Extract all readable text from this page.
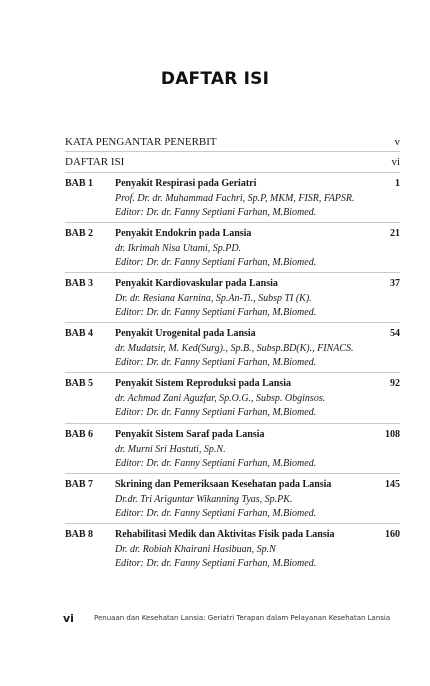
DAFTAR ISI
KATA PENGANTAR PENERBIT	v
DAFTAR ISI	vi
BAB 1 Penyakit Respirasi pada Geriatri	1
Prof. Dr. dr. Muhammad Fachri, Sp.P, MKM, FISR, FAPSR.
Editor: Dr. dr. Fanny Septiani Farhan, M.Biomed.
BAB 2 Penyakit Endokrin pada Lansia	21
dr. Ikrimah Nisa Utami, Sp.PD.
Editor: Dr. dr. Fanny Septiani Farhan, M.Biomed.
BAB 3 Penyakit Kardiovaskular pada Lansia	37
Dr. dr. Resiana Karnina, Sp.An-Ti., Subsp TI (K).
Editor: Dr. dr. Fanny Septiani Farhan, M.Biomed.
BAB 4 Penyakit Urogenital pada Lansia	54
dr. Mudatsir, M. Ked(Surg)., Sp.B., Subsp.BD(K)., FINACS.
Editor: Dr. dr. Fanny Septiani Farhan, M.Biomed.
BAB 5 Penyakit Sistem Reproduksi pada Lansia	92
dr. Achmad Zani Aguzfar, Sp.O.G., Subsp. Obginsos.
Editor: Dr. dr. Fanny Septiani Farhan, M.Biomed.
BAB 6 Penyakit Sistem Saraf pada Lansia	108
dr. Murni Sri Hastuti, Sp.N.
Editor: Dr. dr. Fanny Septiani Farhan, M.Biomed.
BAB 7 Skrining dan Pemeriksaan Kesehatan pada Lansia	145
Dr.dr. Tri Ariguntar Wikanning Tyas, Sp.PK.
Editor: Dr. dr. Fanny Septiani Farhan, M.Biomed.
BAB 8 Rehabilitasi Medik dan Aktivitas Fisik pada Lansia	160
Dr. dr. Robiah Khairani Hasibuan, Sp.N
Editor: Dr. dr. Fanny Septiani Farhan, M.Biomed.
vi	Penuaan dan Kesehatan Lansia: Geriatri Terapan dalam Pelayanan Kesehatan Lansia
